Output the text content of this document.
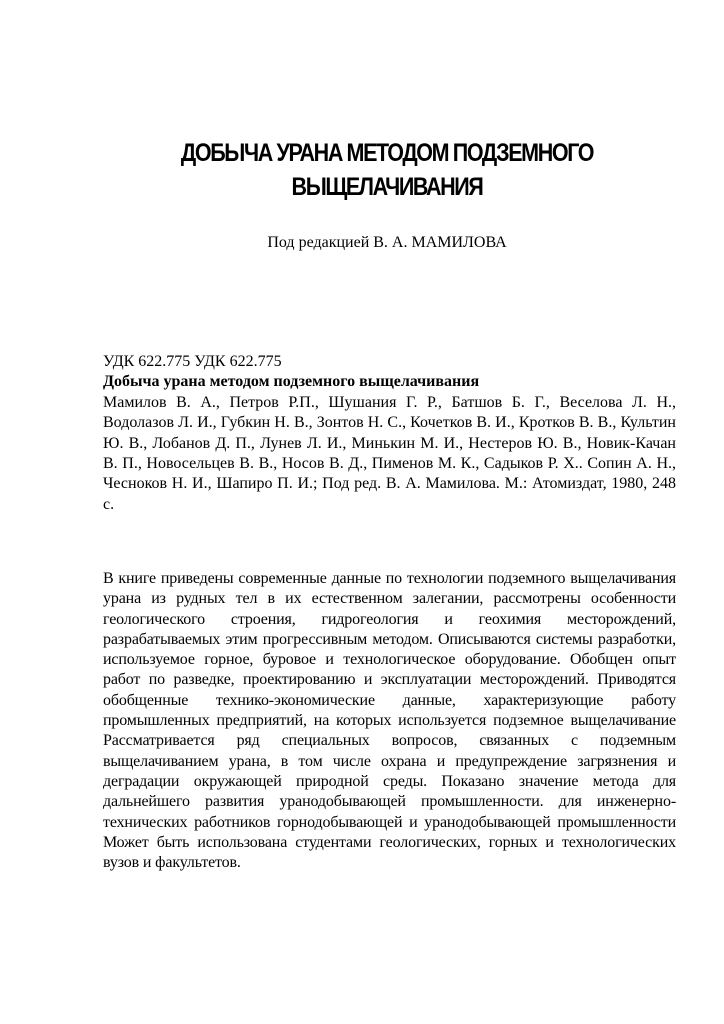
ДОБЫЧА УРАНА МЕТОДОМ ПОДЗЕМНОГО
ВЫЩЕЛАЧИВАНИЯ
Под редакцией В. А. МАМИЛОВА
УДК 622.775 УДК 622.775
Добыча урана методом подземного выщелачивания
Мамилов В. А., Петров Р.П., Шушания Г. Р., Батшов Б. Г., Веселова Л. Н., Водолазов Л. И., Губкин Н. В., Зонтов Н. С., Кочетков В. И., Кротков В. В., Культин Ю. В., Лобанов Д. П., Лунев Л. И., Минькин М. И., Нестеров Ю. В., Новик-Качан В. П., Новосельцев В. В., Носов В. Д., Пименов М. К., Садыков Р. Х.. Сопин А. Н., Чесноков Н. И., Шапиро П. И.; Под ред. В. А. Мамилова. М.: Атомиздат, 1980, 248 с.

В книге приведены современные данные по технологии подземного выщелачивания урана из рудных тел в их естественном залегании, рассмотрены особенности геологического строения, гидрогеология и геохимия месторождений, разрабатываемых этим прогрессивным методом. Описываются системы разработки, используемое горное, буровое и технологическое оборудование. Обобщен опыт работ по разведке, проектированию и эксплуатации месторождений. Приводятся обобщенные технико-экономические данные, характеризующие работу промышленных предприятий, на которых используется подземное выщелачивание Рассматривается ряд специальных вопросов, связанных с подземным выщелачиванием урана, в том числе охрана и предупреждение загрязнения и деградации окружающей природной среды. Показано значение метода для дальнейшего развития уранодобывающей промышленности. для инженерно-технических работников горнодобывающей и уранодобывающей промышленности Может быть использована студентами геологических, горных и технологических вузов и факультетов.
